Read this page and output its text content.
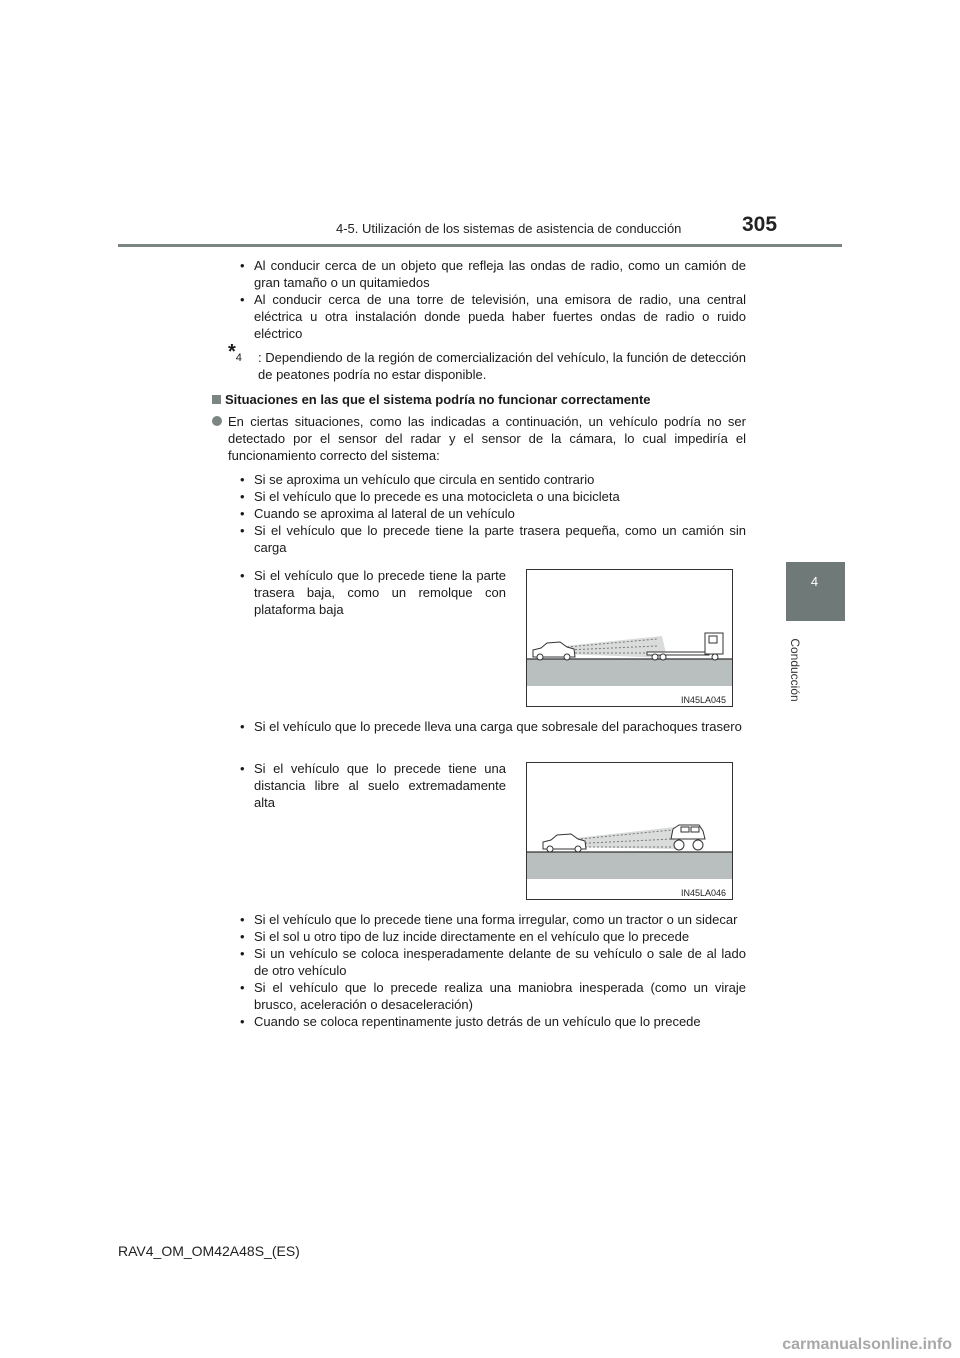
4-5. Utilización de los sistemas de asistencia de conducción	305
4
Conducción

• Al conducir cerca de un objeto que refleja las ondas de radio, como un camión de gran tamaño o un quitamiedos

• Al conducir cerca de una torre de televisión, una emisora de radio, una central eléctrica u otra instalación donde pueda haber fuertes ondas de radio o ruido eléctrico

$*_4$	: Dependiendo de la región de comercialización del vehículo, la función de detección de peatones podría no estar disponible.
Situaciones en las que el sistema podría no funcionar correctamente
En ciertas situaciones, como las indicadas a continuación, un vehículo podría no ser detectado por el sensor del radar y el sensor de la cámara, lo cual impediría el funcionamiento correcto del sistema:

• Si se aproxima un vehículo que circula en sentido contrario

• Si el vehículo que lo precede es una motocicleta o una bicicleta

• Cuando se aproxima al lateral de un vehículo

• Si el vehículo que lo precede tiene la parte trasera pequeña, como un camión sin carga

• Si el vehículo que lo precede tiene la parte trasera baja, como un remolque con plataforma baja

IN45LA045

• Si el vehículo que lo precede lleva una carga que sobresale del parachoques trasero

• Si el vehículo que lo precede tiene una distancia libre al suelo extremadamente alta

IN45LA046

• Si el vehículo que lo precede tiene una forma irregular, como un tractor o un sidecar

• Si el sol u otro tipo de luz incide directamente en el vehículo que lo precede

• Si un vehículo se coloca inesperadamente delante de su vehículo o sale de al lado de otro vehículo

• Si el vehículo que lo precede realiza una maniobra inesperada (como un viraje brusco, aceleración o desaceleración)

• Cuando se coloca repentinamente justo detrás de un vehículo que lo precede

RAV4_OM_OM42A48S_(ES)
carmanualsonline.info
